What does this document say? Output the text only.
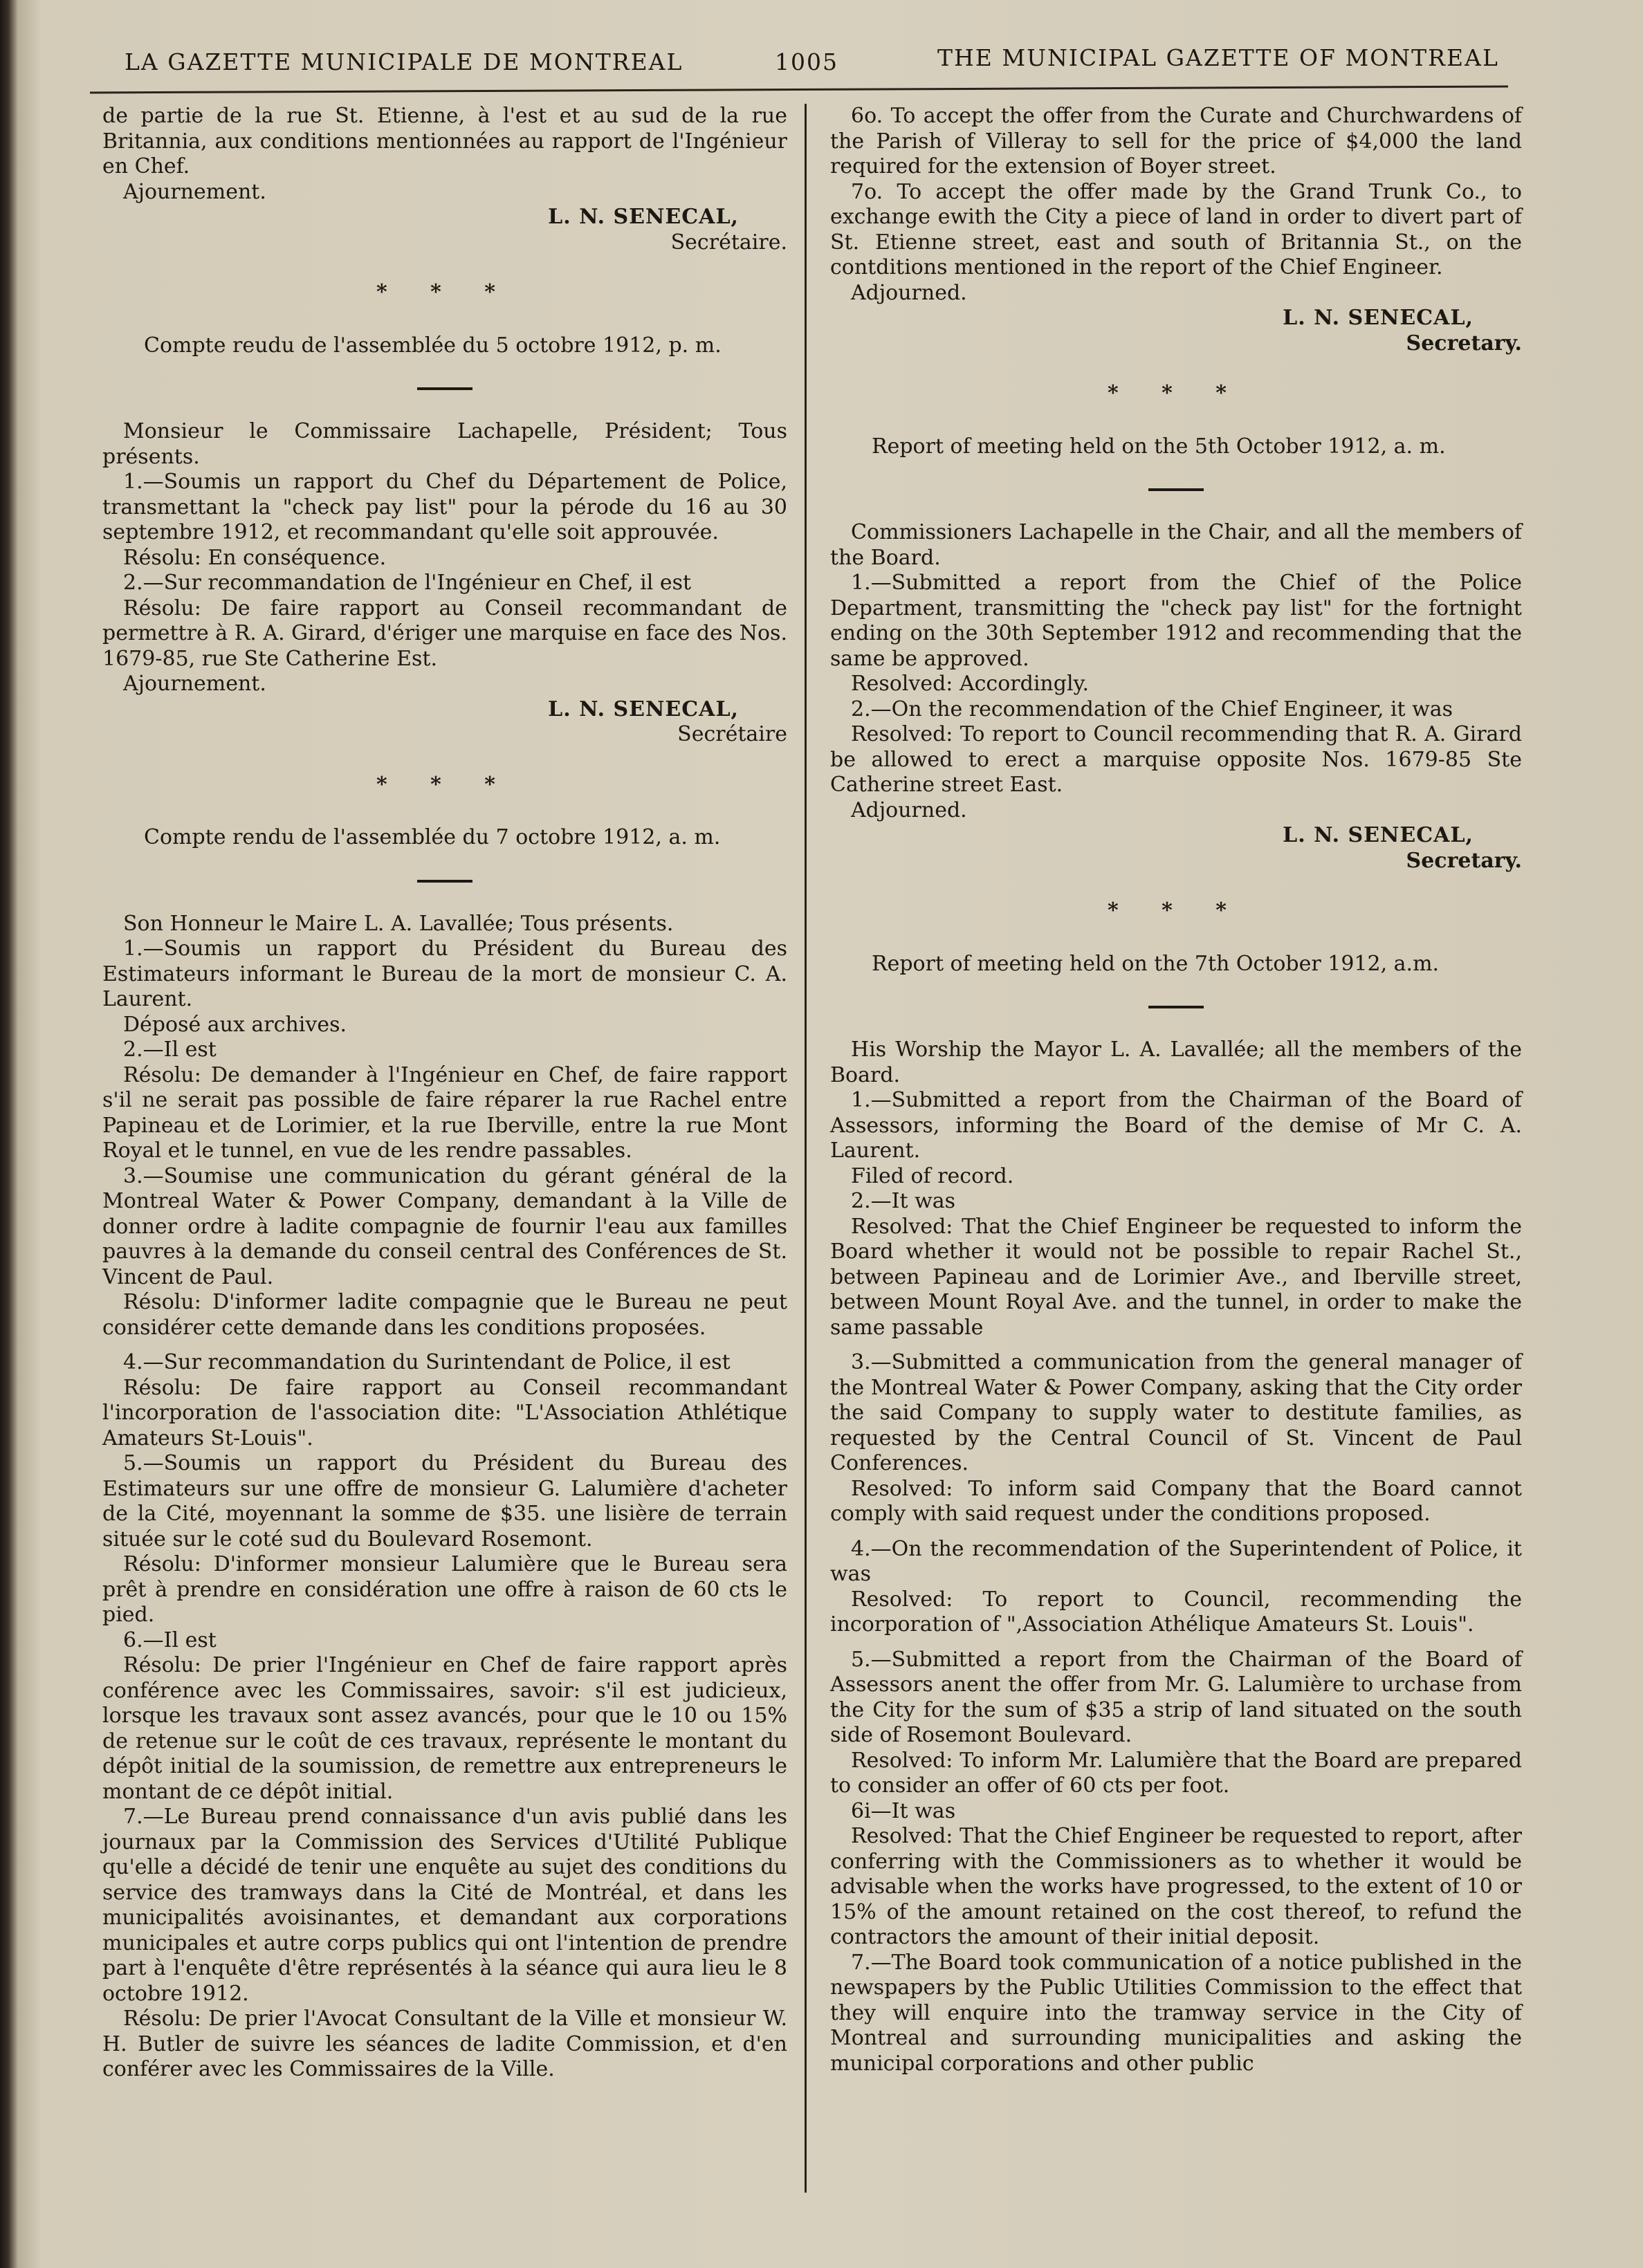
LA GAZETTE MUNICIPALE DE MONTREAL	1005	THE MUNICIPAL GAZETTE OF MONTREAL

de partie de la rue St. Etienne, à l'est et au sud de la rue Britannia, aux conditions mentionnées au rapport de l'Ingénieur en Chef.

Ajournement.

L. N. SENECAL,
Secrétaire.
* * *

Compte reudu de l'assemblée du 5 octobre 1912, p. m.

Monsieur le Commissaire Lachapelle, Président; Tous présents.

1.—Soumis un rapport du Chef du Département de Police, transmettant la "check pay list" pour la pérode du 16 au 30 septembre 1912, et recommandant qu'elle soit approuvée.

Résolu: En conséquence.

2.—Sur recommandation de l'Ingénieur en Chef, il est

Résolu: De faire rapport au Conseil recommandant de permettre à R. A. Girard, d'ériger une marquise en face des Nos. 1679-85, rue Ste Catherine Est.

Ajournement.

L. N. SENECAL,
Secrétaire
* * *

Compte rendu de l'assemblée du 7 octobre 1912, a. m.

Son Honneur le Maire L. A. Lavallée; Tous présents.

1.—Soumis un rapport du Président du Bureau des Estimateurs informant le Bureau de la mort de monsieur C. A. Laurent.

Déposé aux archives.

2.—Il est

Résolu: De demander à l'Ingénieur en Chef, de faire rapport s'il ne serait pas possible de faire réparer la rue Rachel entre Papineau et de Lorimier, et la rue Iberville, entre la rue Mont Royal et le tunnel, en vue de les rendre passables.

3.—Soumise une communication du gérant général de la Montreal Water & Power Company, demandant à la Ville de donner ordre à ladite compagnie de fournir l'eau aux familles pauvres à la demande du conseil central des Conférences de St. Vincent de Paul.

Résolu: D'informer ladite compagnie que le Bureau ne peut considérer cette demande dans les conditions proposées.

4.—Sur recommandation du Surintendant de Police, il est

Résolu: De faire rapport au Conseil recommandant l'incorporation de l'association dite: "L'Association Athlétique Amateurs St-Louis".

5.—Soumis un rapport du Président du Bureau des Estimateurs sur une offre de monsieur G. Lalumière d'acheter de la Cité, moyennant la somme de $35. une lisière de terrain située sur le coté sud du Boulevard Rosemont.

Résolu: D'informer monsieur Lalumière que le Bureau sera prêt à prendre en considération une offre à raison de 60 cts le pied.

6.—Il est

Résolu: De prier l'Ingénieur en Chef de faire rapport après conférence avec les Commissaires, savoir: s'il est judicieux, lorsque les travaux sont assez avancés, pour que le 10 ou 15% de retenue sur le coût de ces travaux, représente le montant du dépôt initial de la soumission, de remettre aux entrepreneurs le montant de ce dépôt initial.

7.—Le Bureau prend connaissance d'un avis publié dans les journaux par la Commission des Services d'Utilité Publique qu'elle a décidé de tenir une enquête au sujet des conditions du service des tramways dans la Cité de Montréal, et dans les municipalités avoisinantes, et demandant aux corporations municipales et autre corps publics qui ont l'intention de prendre part à l'enquête d'être représentés à la séance qui aura lieu le 8 octobre 1912.

Résolu: De prier l'Avocat Consultant de la Ville et monsieur W. H. Butler de suivre les séances de ladite Commission, et d'en conférer avec les Commissaires de la Ville.

6o. To accept the offer from the Curate and Churchwardens of the Parish of Villeray to sell for the price of $4,000 the land required for the extension of Boyer street.

7o. To accept the offer made by the Grand Trunk Co., to exchange ewith the City a piece of land in order to divert part of St. Etienne street, east and south of Britannia St., on the contditions mentioned in the report of the Chief Engineer.

Adjourned.

L. N. SENECAL,
Secretary.
* * *

Report of meeting held on the 5th October 1912, a. m.

Commissioners Lachapelle in the Chair, and all the members of the Board.

1.—Submitted a report from the Chief of the Police Department, transmitting the "check pay list" for the fortnight ending on the 30th September 1912 and recommending that the same be approved.

Resolved: Accordingly.

2.—On the recommendation of the Chief Engineer, it was

Resolved: To report to Council recommending that R. A. Girard be allowed to erect a marquise opposite Nos. 1679-85 Ste Catherine street East.

Adjourned.

L. N. SENECAL,
Secretary.
* * *

Report of meeting held on the 7th October 1912, a.m.

His Worship the Mayor L. A. Lavallée; all the members of the Board.

1.—Submitted a report from the Chairman of the Board of Assessors, informing the Board of the demise of Mr C. A. Laurent.

Filed of record.

2.—It was

Resolved: That the Chief Engineer be requested to inform the Board whether it would not be possible to repair Rachel St., between Papineau and de Lorimier Ave., and Iberville street, between Mount Royal Ave. and the tunnel, in order to make the same passable

3.—Submitted a communication from the general manager of the Montreal Water & Power Company, asking that the City order the said Company to supply water to destitute families, as requested by the Central Council of St. Vincent de Paul Conferences.

Resolved: To inform said Company that the Board cannot comply with said request under the conditions proposed.

4.—On the recommendation of the Superintendent of Police, it was

Resolved: To report to Council, recommending the incorporation of ",Association Athélique Amateurs St. Louis".

5.—Submitted a report from the Chairman of the Board of Assessors anent the offer from Mr. G. Lalumière to urchase from the City for the sum of $35 a strip of land situated on the south side of Rosemont Boulevard.

Resolved: To inform Mr. Lalumière that the Board are prepared to consider an offer of 60 cts per foot.

6i—It was

Resolved: That the Chief Engineer be requested to report, after conferring with the Commissioners as to whether it would be advisable when the works have progressed, to the extent of 10 or 15% of the amount retained on the cost thereof, to refund the contractors the amount of their initial deposit.

7.—The Board took communication of a notice published in the newspapers by the Public Utilities Commission to the effect that they will enquire into the tramway service in the City of Montreal and surrounding municipalities and asking the municipal corporations and other public
